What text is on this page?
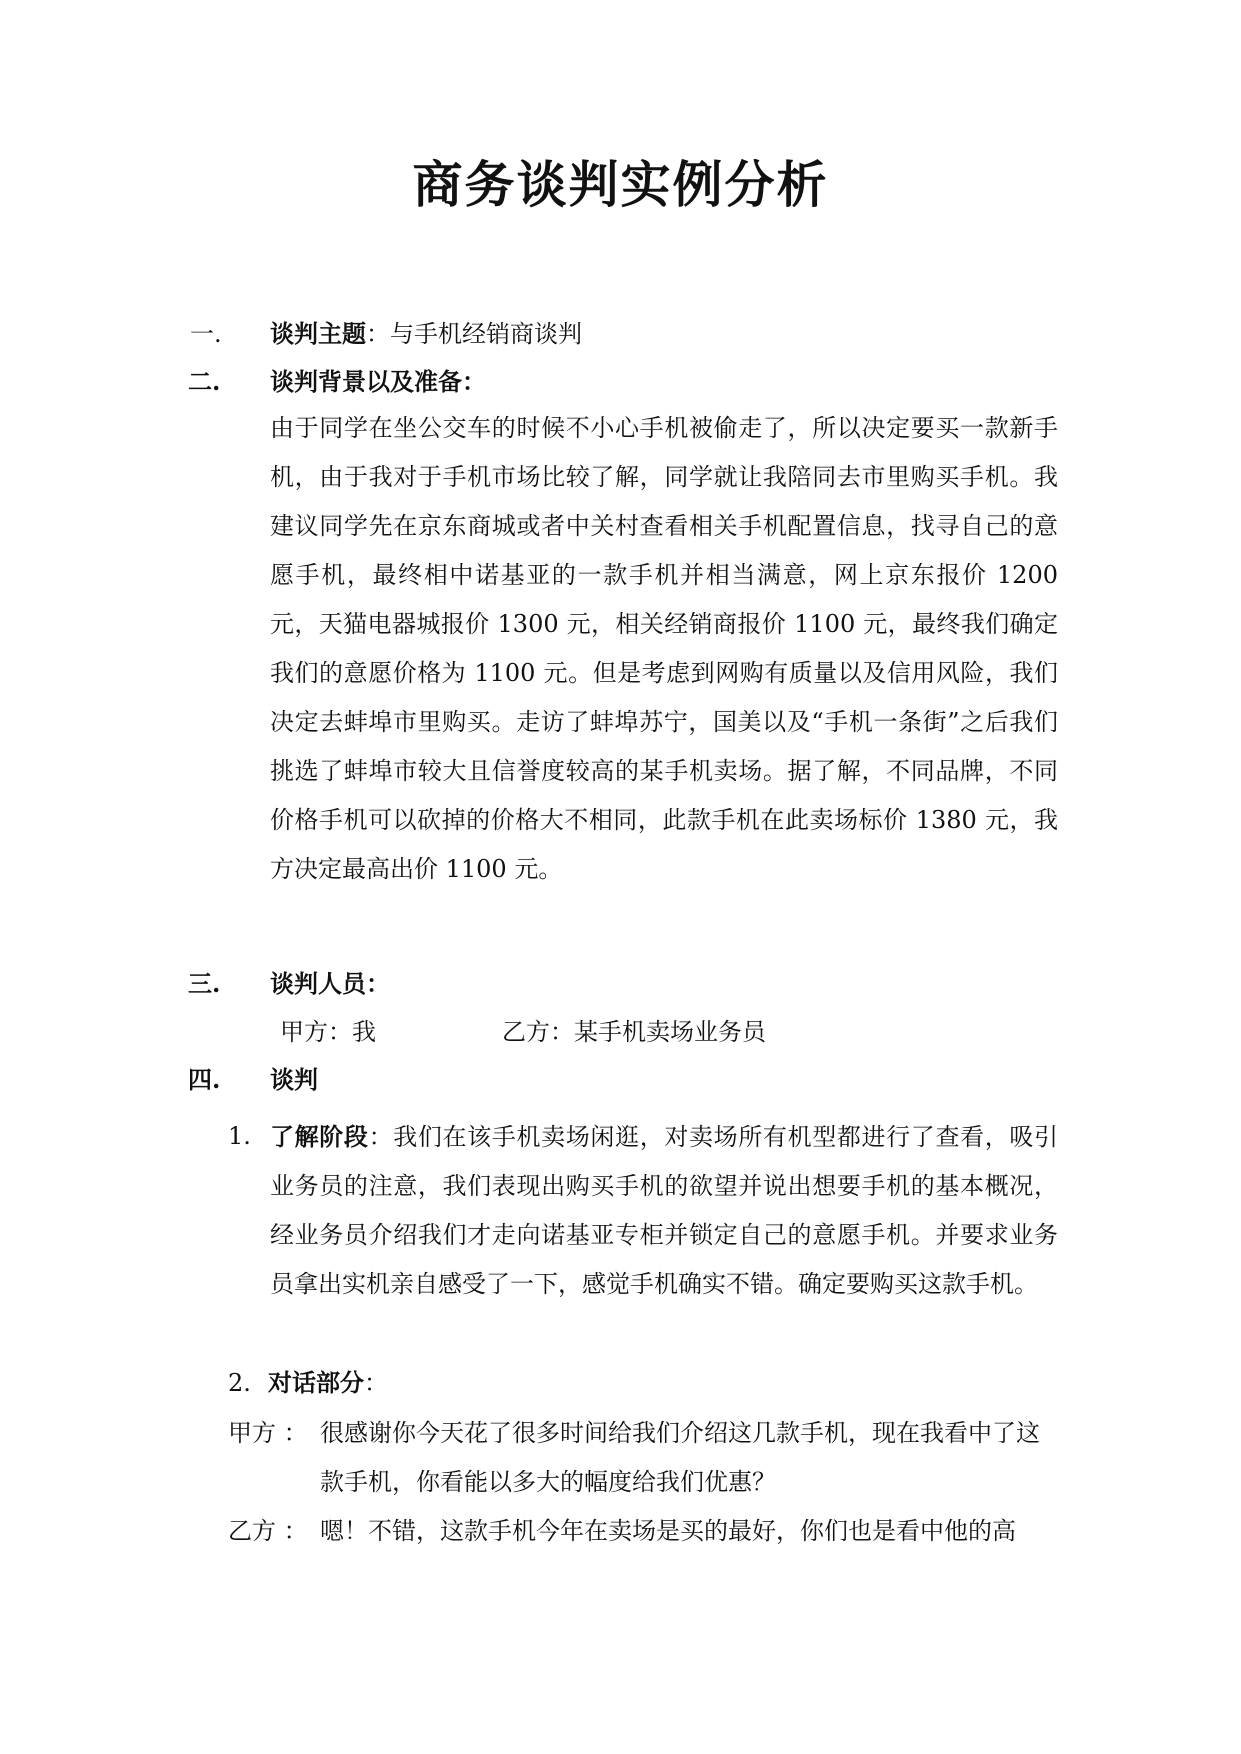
商务谈判实例分析
一. 谈判主题：与手机经销商谈判
二. 谈判背景以及准备：
由于同学在坐公交车的时候不小心手机被偷走了，所以决定要买一款新手机，由于我对于手机市场比较了解，同学就让我陪同去市里购买手机。我建议同学先在京东商城或者中关村查看相关手机配置信息，找寻自己的意愿手机，最终相中诺基亚的一款手机并相当满意，网上京东报价 1200元，天猫电器城报价 1300 元，相关经销商报价 1100 元，最终我们确定我们的意愿价格为 1100 元。但是考虑到网购有质量以及信用风险，我们决定去蚌埠市里购买。走访了蚌埠苏宁，国美以及“手机一条街”之后我们挑选了蚌埠市较大且信誉度较高的某手机卖场。据了解，不同品牌，不同价格手机可以砍掉的价格大不相同，此款手机在此卖场标价 1380 元，我方决定最高出价 1100 元。
三. 谈判人员：
甲方：我	乙方：某手机卖场业务员
四. 谈判
1. 了解阶段：我们在该手机卖场闲逛，对卖场所有机型都进行了查看，吸引业务员的注意，我们表现出购买手机的欲望并说出想要手机的基本概况，经业务员介绍我们才走向诺基亚专柜并锁定自己的意愿手机。并要求业务员拿出实机亲自感受了一下，感觉手机确实不错。确定要购买这款手机。
2. 对话部分：
甲方 ： 很感谢你今天花了很多时间给我们介绍这几款手机，现在我看中了这款手机，你看能以多大的幅度给我们优惠？
乙方 ： 嗯！不错，这款手机今年在卖场是买的最好，你们也是看中他的高
